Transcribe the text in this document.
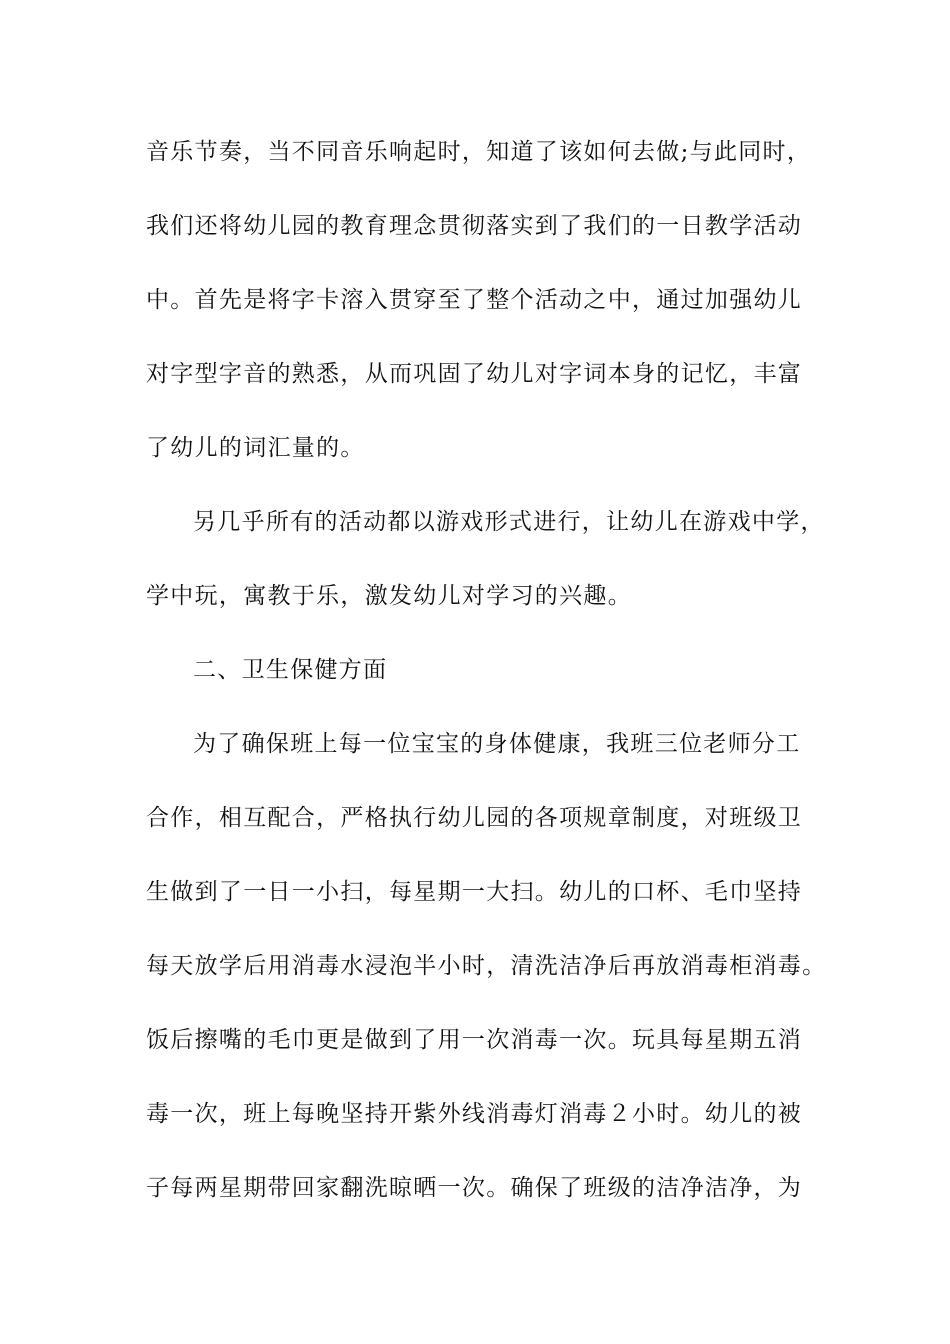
音乐节奏，当不同音乐响起时，知道了该如何去做;与此同时，
我们还将幼儿园的教育理念贯彻落实到了我们的一日教学活动
中。首先是将字卡溶入贯穿至了整个活动之中，通过加强幼儿
对字型字音的熟悉，从而巩固了幼儿对字词本身的记忆，丰富
了幼儿的词汇量的。
另几乎所有的活动都以游戏形式进行，让幼儿在游戏中学，
学中玩，寓教于乐，激发幼儿对学习的兴趣。
二、卫生保健方面
为了确保班上每一位宝宝的身体健康，我班三位老师分工
合作，相互配合，严格执行幼儿园的各项规章制度，对班级卫
生做到了一日一小扫，每星期一大扫。幼儿的口杯、毛巾坚持
每天放学后用消毒水浸泡半小时，清洗洁净后再放消毒柜消毒。
饭后擦嘴的毛巾更是做到了用一次消毒一次。玩具每星期五消
毒一次，班上每晚坚持开紫外线消毒灯消毒２小时。幼儿的被
子每两星期带回家翻洗晾晒一次。确保了班级的洁净洁净，为
